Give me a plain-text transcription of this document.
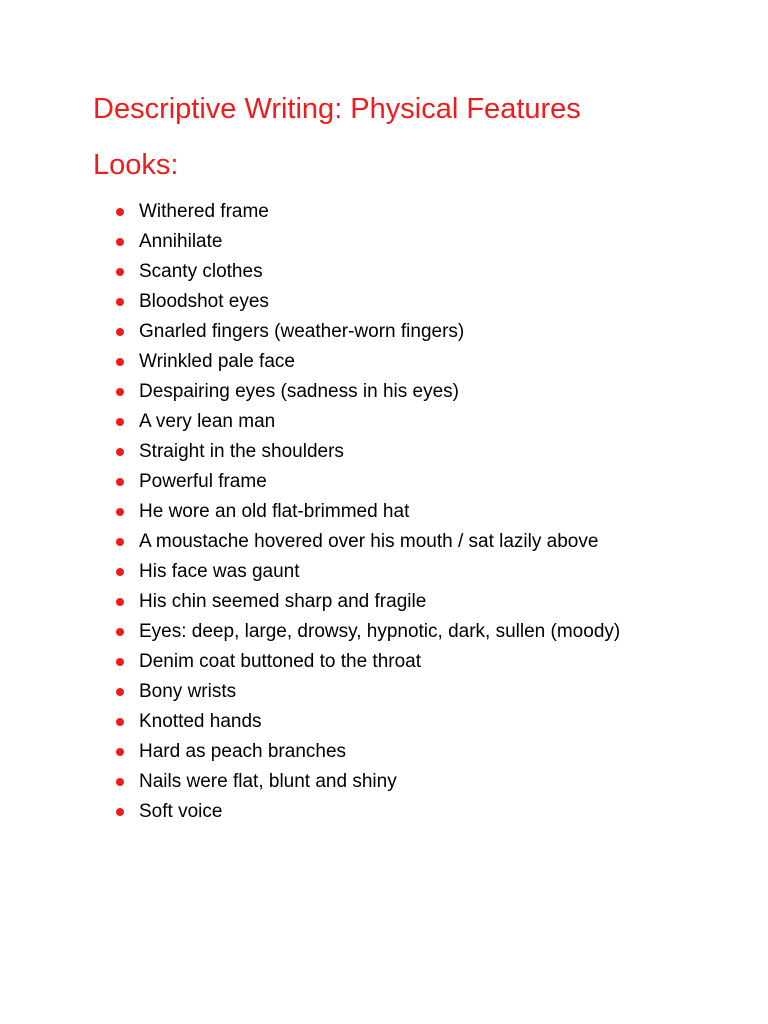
Descriptive Writing: Physical Features
Looks:
Withered frame
Annihilate
Scanty clothes
Bloodshot eyes
Gnarled fingers (weather-worn fingers)
Wrinkled pale face
Despairing eyes (sadness in his eyes)
A very lean man
Straight in the shoulders
Powerful frame
He wore an old flat-brimmed hat
A moustache hovered over his mouth / sat lazily above
His face was gaunt
His chin seemed sharp and fragile
Eyes: deep, large, drowsy, hypnotic, dark, sullen (moody)
Denim coat buttoned to the throat
Bony wrists
Knotted hands
Hard as peach branches
Nails were flat, blunt and shiny
Soft voice
